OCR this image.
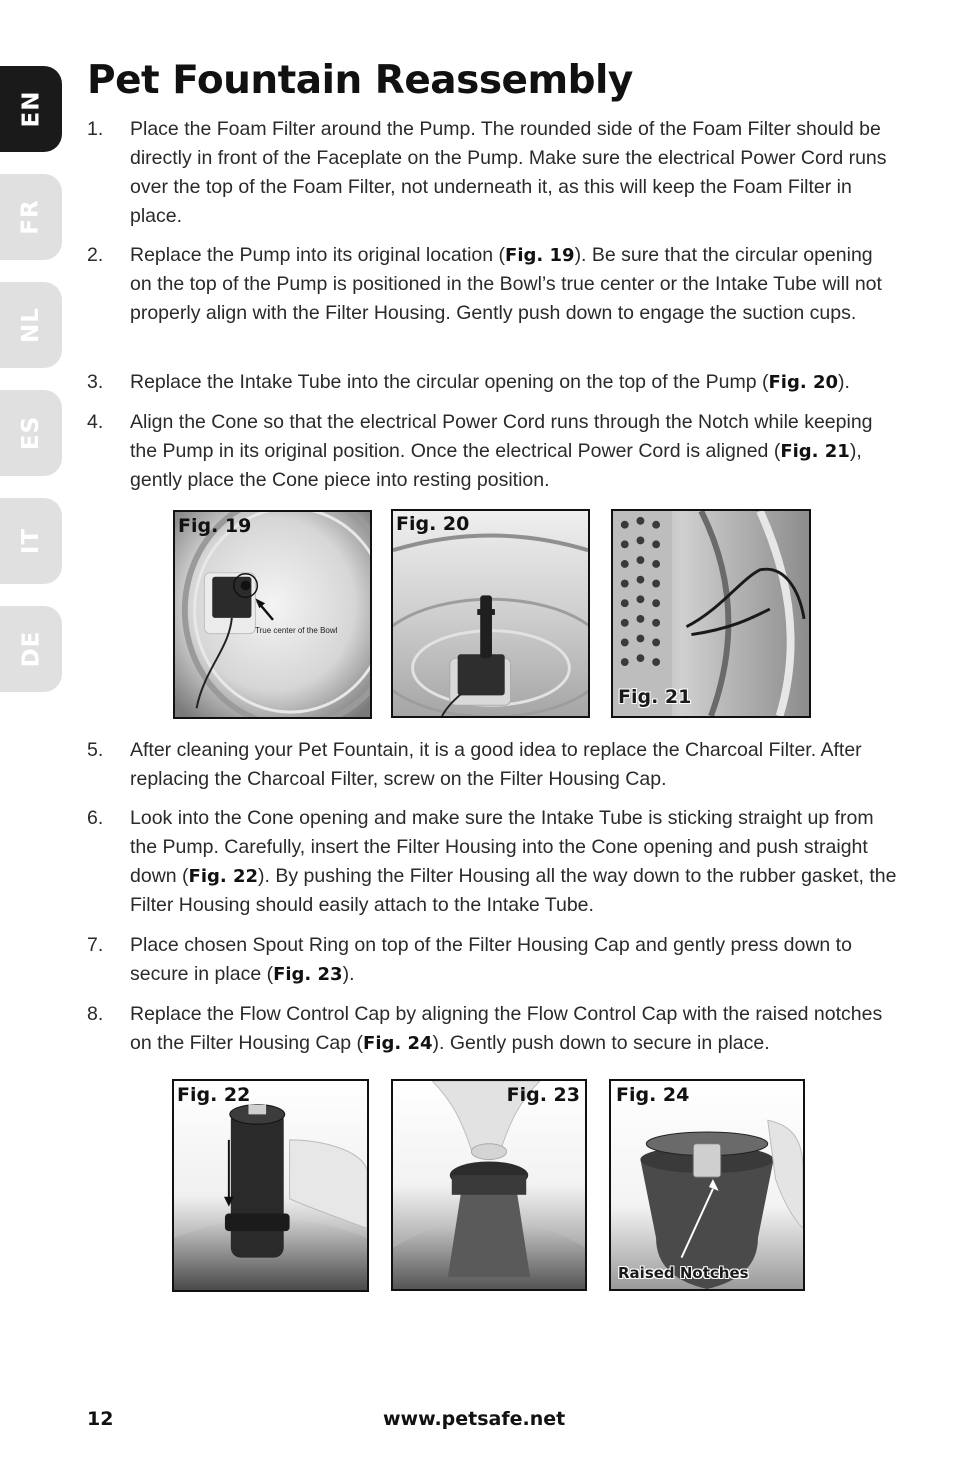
EN
FR
NL
ES
IT
DE
Pet Fountain Reassembly
1.	Place the Foam Filter around the Pump. The rounded side of the Foam Filter should be directly in front of the Faceplate on the Pump. Make sure the electrical Power Cord runs over the top of the Foam Filter, not underneath it, as this will keep the Foam Filter in place.
2.	Replace the Pump into its original location (Fig. 19). Be sure that the circular opening on the top of the Pump is positioned in the Bowl’s true center or the Intake Tube will not properly align with the Filter Housing. Gently push down to engage the suction cups.
3.	Replace the Intake Tube into the circular opening on the top of the Pump (Fig. 20).
4.	Align the Cone so that the electrical Power Cord runs through the Notch while keeping the Pump in its original position. Once the electrical Power Cord is aligned (Fig. 21), gently place the Cone piece into resting position.
Fig. 19
True center of the Bowl
Fig. 20
Fig. 21
5.	After cleaning your Pet Fountain, it is a good idea to replace the Charcoal Filter. After replacing the Charcoal Filter, screw on the Filter Housing Cap.
6.	Look into the Cone opening and make sure the Intake Tube is sticking straight up from the Pump. Carefully, insert the Filter Housing into the Cone opening and push straight down (Fig. 22). By pushing the Filter Housing all the way down to the rubber gasket, the Filter Housing should easily attach to the Intake Tube.
7.	Place chosen Spout Ring on top of the Filter Housing Cap and gently press down to secure in place (Fig. 23).
8.	Replace the Flow Control Cap by aligning the Flow Control Cap with the raised notches on the Filter Housing Cap (Fig. 24). Gently push down to secure in place.
Fig. 22	Fig. 23 Fig. 24
Raised Notches
12	www.petsafe.net
